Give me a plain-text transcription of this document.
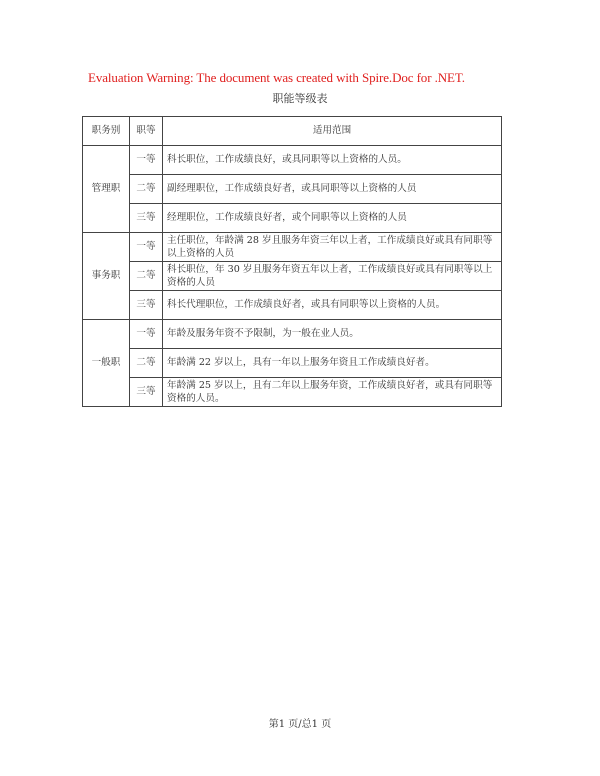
Evaluation Warning: The document was created with Spire.Doc for .NET.
职能等级表
职务别	职等	适用范围
管理职	一等	科长职位，工作成绩良好，或具同职等以上资格的人员。
	二等	副经理职位，工作成绩良好者，或具同职等以上资格的人员
	三等	经理职位，工作成绩良好者，或个同职等以上资格的人员
事务职	一等	主任职位，年龄满 28 岁且服务年资三年以上者，工作成绩良好或具有同职等以上资格的人员
	二等	科长职位，年 30 岁且服务年资五年以上者，工作成绩良好或具有同职等以上资格的人员
	三等	科长代理职位，工作成绩良好者，或具有同职等以上资格的人员。
一般职	一等	年龄及服务年资不予限制，为一般在业人员。
	二等	年龄满 22 岁以上，具有一年以上服务年资且工作成绩良好者。
	三等	年龄满 25 岁以上，且有二年以上服务年资，工作成绩良好者，或具有同职等资格的人员。
第1 页/总1 页
